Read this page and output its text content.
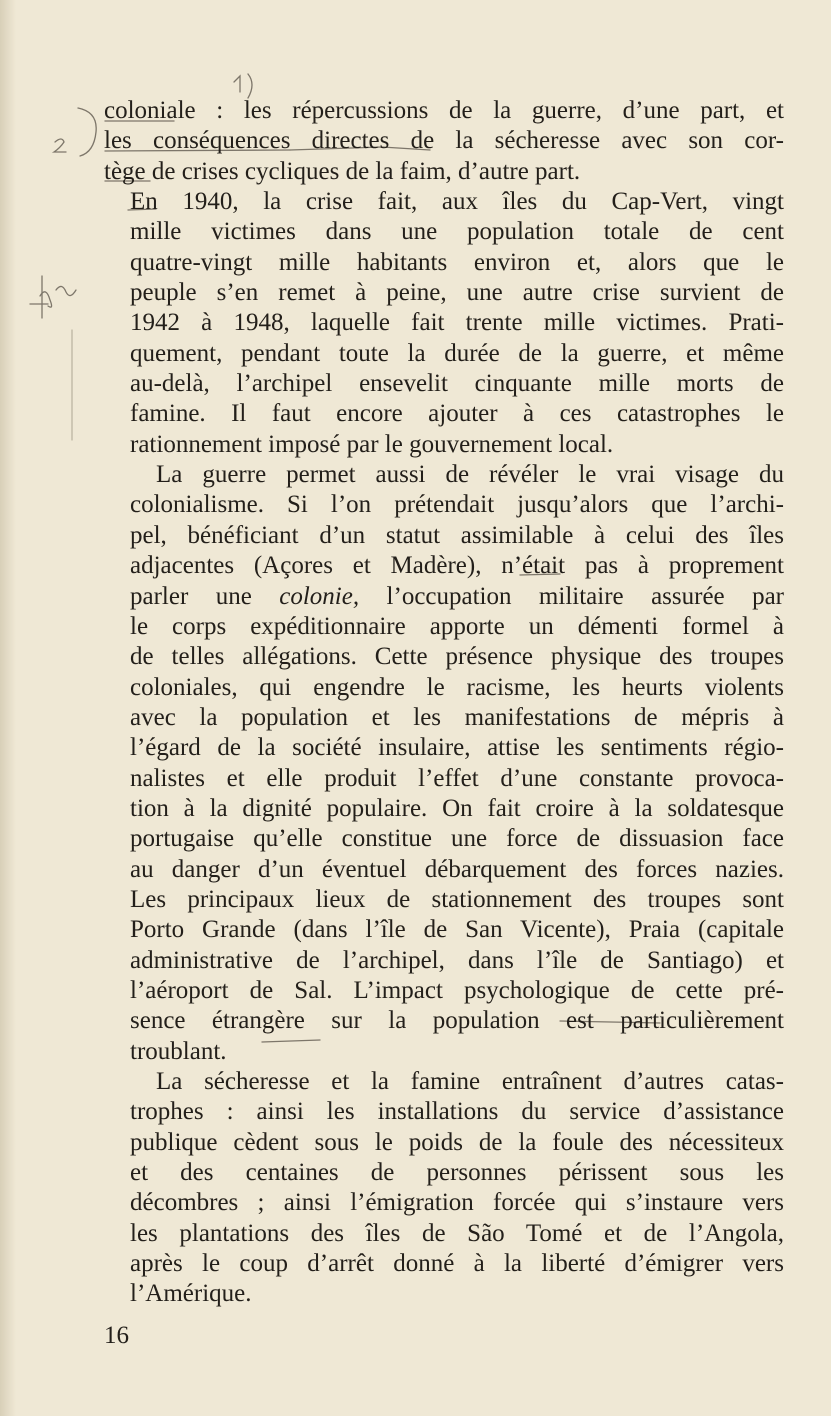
coloniale : les répercussions de la guerre, d’une part, et
les conséquences directes de la sécheresse avec son cor-
tège de crises cycliques de la faim, d’autre part.

En 1940, la crise fait, aux îles du Cap-Vert, vingt
mille victimes dans une population totale de cent
quatre-vingt mille habitants environ et, alors que le
peuple s’en remet à peine, une autre crise survient de
1942 à 1948, laquelle fait trente mille victimes. Prati-
quement, pendant toute la durée de la guerre, et même
au-delà, l’archipel ensevelit cinquante mille morts de
famine. Il faut encore ajouter à ces catastrophes le
rationnement imposé par le gouvernement local.

La guerre permet aussi de révéler le vrai visage du
colonialisme. Si l’on prétendait jusqu’alors que l’archi-
pel, bénéficiant d’un statut assimilable à celui des îles
adjacentes (Açores et Madère), n’était pas à proprement
parler une colonie, l’occupation militaire assurée par
le corps expéditionnaire apporte un démenti formel à
de telles allégations. Cette présence physique des troupes
coloniales, qui engendre le racisme, les heurts violents
avec la population et les manifestations de mépris à
l’égard de la société insulaire, attise les sentiments régio-
nalistes et elle produit l’effet d’une constante provoca-
tion à la dignité populaire. On fait croire à la soldatesque
portugaise qu’elle constitue une force de dissuasion face
au danger d’un éventuel débarquement des forces nazies.
Les principaux lieux de stationnement des troupes sont
Porto Grande (dans l’île de San Vicente), Praia (capitale
administrative de l’archipel, dans l’île de Santiago) et
l’aéroport de Sal. L’impact psychologique de cette pré-
sence étrangère sur la population est particulièrement
troublant.

La sécheresse et la famine entraînent d’autres catas-
trophes : ainsi les installations du service d’assistance
publique cèdent sous le poids de la foule des nécessiteux
et des centaines de personnes périssent sous les
décombres ; ainsi l’émigration forcée qui s’instaure vers
les plantations des îles de São Tomé et de l’Angola,
après le coup d’arrêt donné à la liberté d’émigrer vers
l’Amérique.

16
